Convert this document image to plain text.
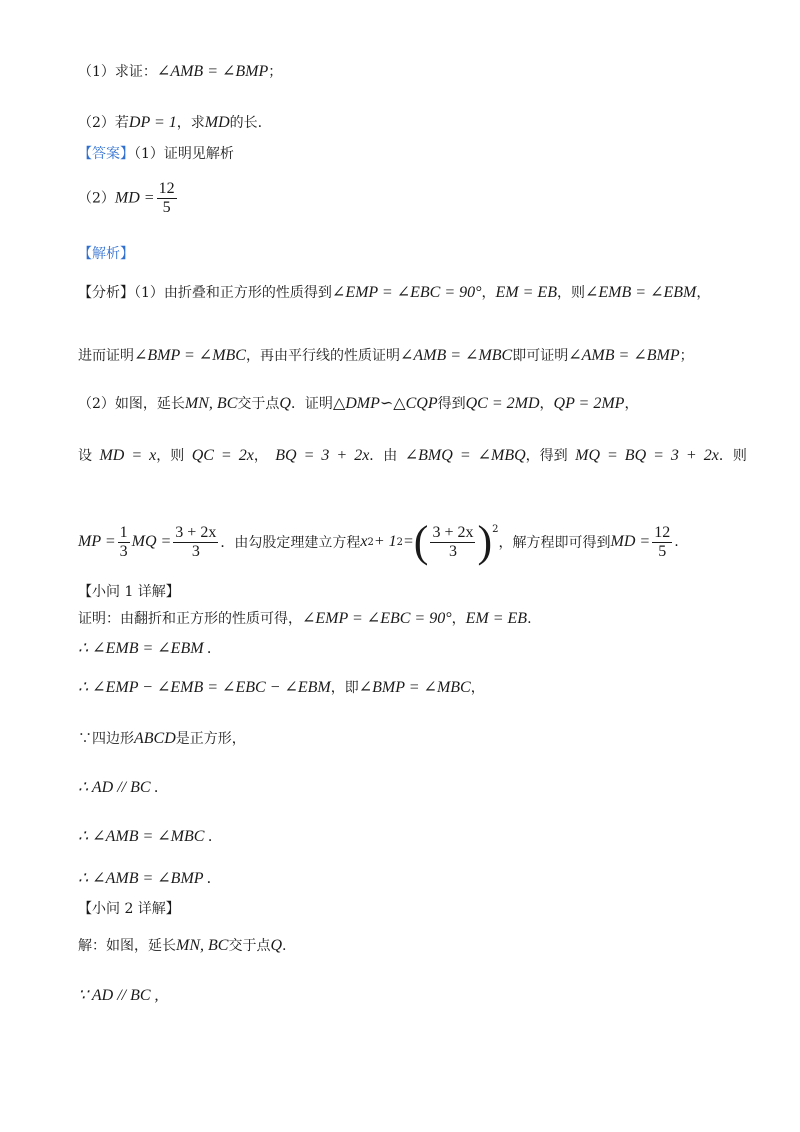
（1）求证：∠AMB = ∠BMP；
（2）若DP = 1，求MD的长.
【答案】（1）证明见解析
$(2)MD = \frac{12}{5}$
【解析】
【分析】（1）由折叠和正方形的性质得到∠EMP = ∠EBC = 90°，EM = EB，则∠EMB = ∠EBM，
进而证明∠BMP = ∠MBC，再由平行线的性质证明∠AMB = ∠MBC即可证明∠AMB = ∠BMP；
（2）如图，延长MN, BC交于点Q．证明△DMP∽△CQP得到QC = 2MD，QP = 2MP，
设 MD = x，则 QC = 2x， BQ = 3 + 2x．由 ∠BMQ = ∠MBQ，得到 MQ = BQ = 3 + 2x．则
MP = $\frac{1}{3}$ MQ = $\frac{3 + 2x}{3}$ ．由勾股定理建立方程 x 2 + 1 2 = ( $\frac{3 + 2x}{3} )^2$
，解方程即可得到 MD = $\frac{12}{5}$ .
【小问 1 详解】
证明：由翻折和正方形的性质可得，∠EMP = ∠EBC = 90°，EM = EB.
∴ ∠EMB = ∠EBM .
∴ ∠EMP − ∠EMB = ∠EBC − ∠EBM，即∠BMP = ∠MBC，
∵四边形ABCD是正方形，
∴ AD // BC .
∴ ∠AMB = ∠MBC .
∴ ∠AMB = ∠BMP .
【小问 2 详解】
解：如图，延长MN, BC交于点Q.
∵ AD // BC ,
